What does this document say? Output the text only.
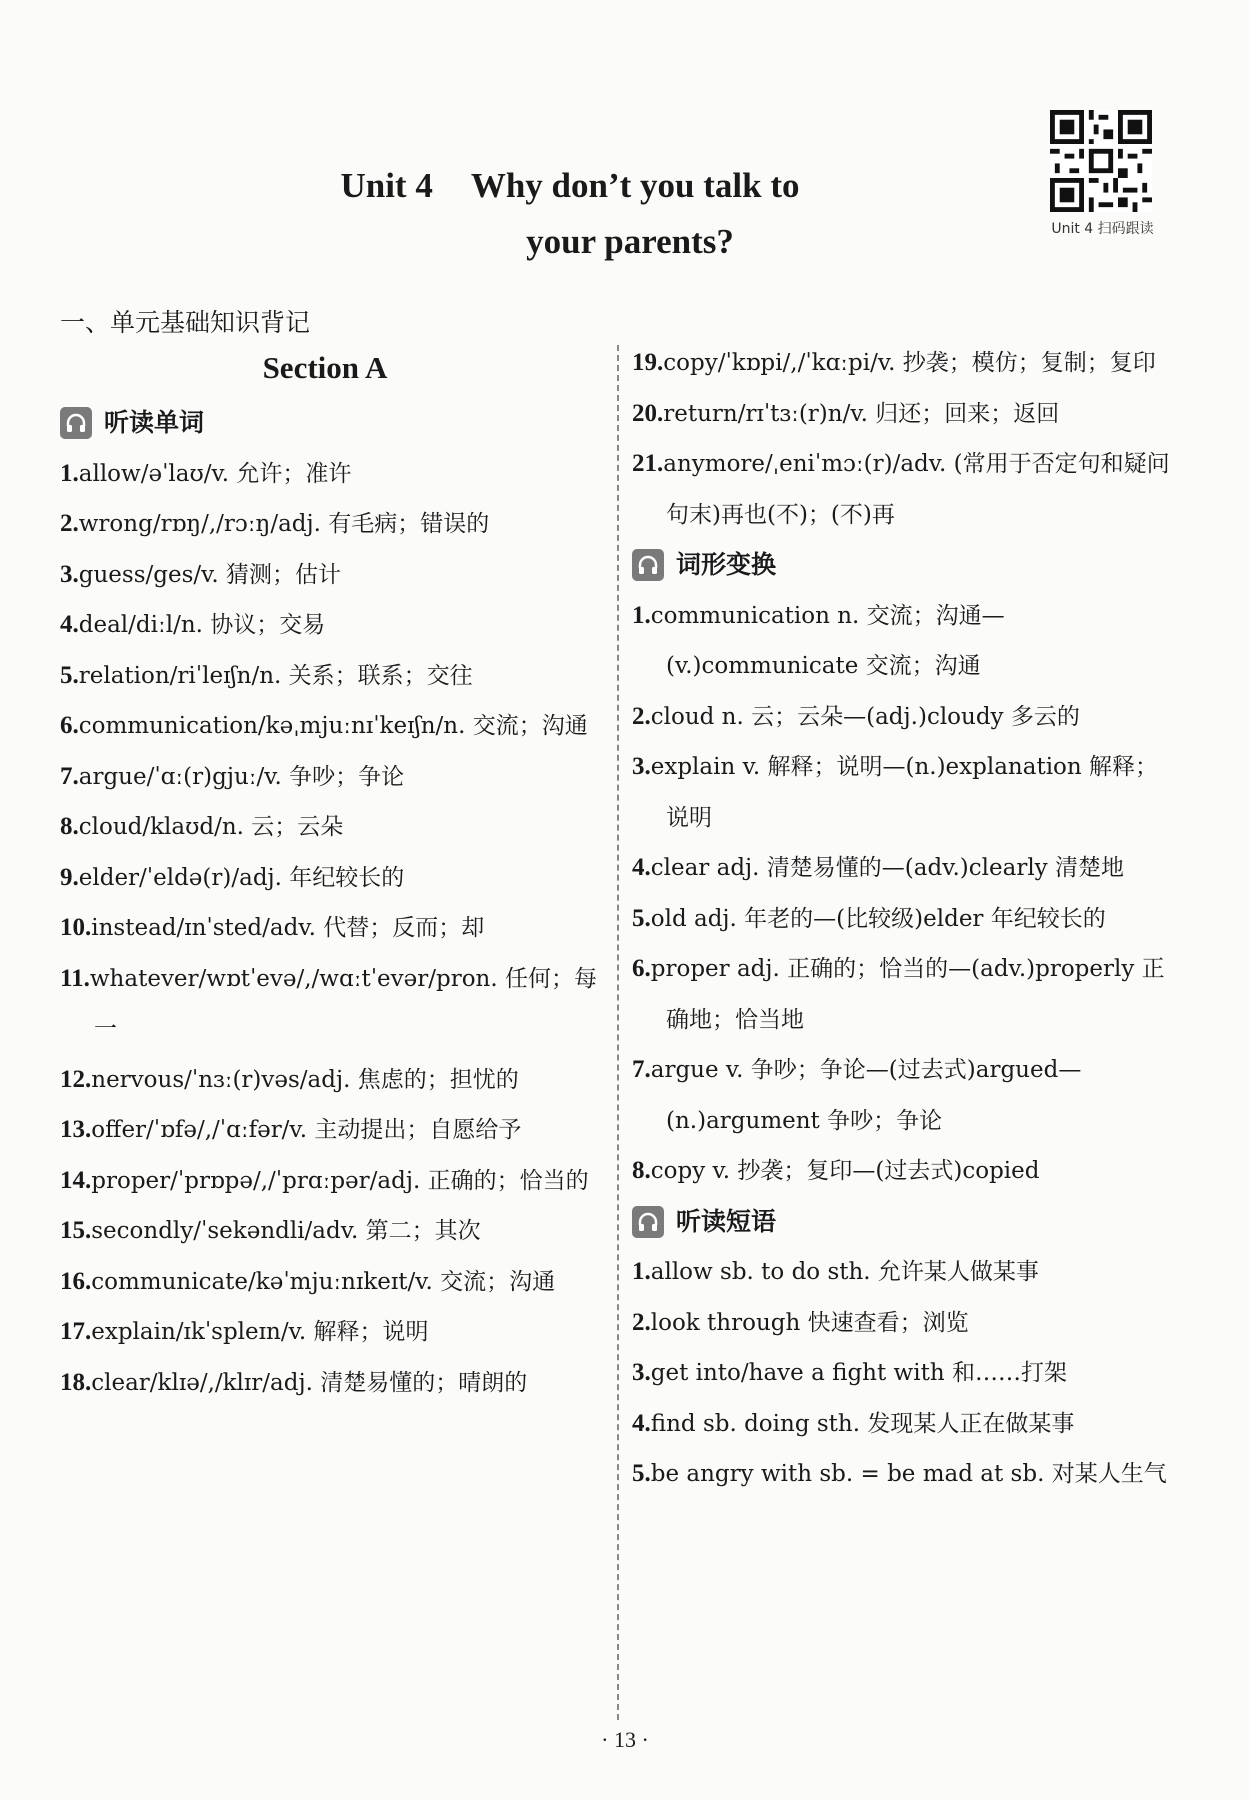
Unit 4 Why don’t you talk to
your parents?	Unit 4 扫码跟读
一、单元基础知识背记
Section A
听读单词

1.allow/əˈlaʊ/v. 允许；准许

2.wrong/rɒŋ/,/rɔːŋ/adj. 有毛病；错误的

3.guess/ges/v. 猜测；估计

4.deal/diːl/n. 协议；交易

5.relation/riˈleɪʃn/n. 关系；联系；交往

6.communication/kəˌmjuːnɪˈkeɪʃn/n. 交流；沟通

7.argue/ˈɑː(r)gjuː/v. 争吵；争论

8.cloud/klaʊd/n. 云；云朵

9.elder/ˈeldə(r)/adj. 年纪较长的

10.instead/ɪnˈsted/adv. 代替；反而；却

11.whatever/wɒtˈevə/,/wɑːtˈevər/pron. 任何；每一

12.nervous/ˈnɜː(r)vəs/adj. 焦虑的；担忧的

13.offer/ˈɒfə/,/ˈɑːfər/v. 主动提出；自愿给予

14.proper/ˈprɒpə/,/ˈprɑːpər/adj. 正确的；恰当的

15.secondly/ˈsekəndli/adv. 第二；其次

16.communicate/kəˈmjuːnɪkeɪt/v. 交流；沟通

17.explain/ɪkˈspleɪn/v. 解释；说明

18.clear/klɪə/,/klɪr/adj. 清楚易懂的；晴朗的

19.copy/ˈkɒpi/,/ˈkɑːpi/v. 抄袭；模仿；复制；复印

20.return/rɪˈtɜː(r)n/v. 归还；回来；返回

21.anymore/ˌeniˈmɔː(r)/adv. (常用于否定句和疑问句末)再也(不)；(不)再

词形变换

1.communication n. 交流；沟通—(v.)communicate 交流；沟通

2.cloud n. 云；云朵—(adj.)cloudy 多云的

3.explain v. 解释；说明—(n.)explanation 解释；说明

4.clear adj. 清楚易懂的—(adv.)clearly 清楚地

5.old adj. 年老的—(比较级)elder 年纪较长的

6.proper adj. 正确的；恰当的—(adv.)properly 正确地；恰当地

7.argue v. 争吵；争论—(过去式)argued—(n.)argument 争吵；争论

8.copy v. 抄袭；复印—(过去式)copied

听读短语

1.allow sb. to do sth. 允许某人做某事

2.look through 快速查看；浏览

3.get into/have a fight with 和……打架

4.find sb. doing sth. 发现某人正在做某事

5.be angry with sb. = be mad at sb. 对某人生气

· 13 ·
